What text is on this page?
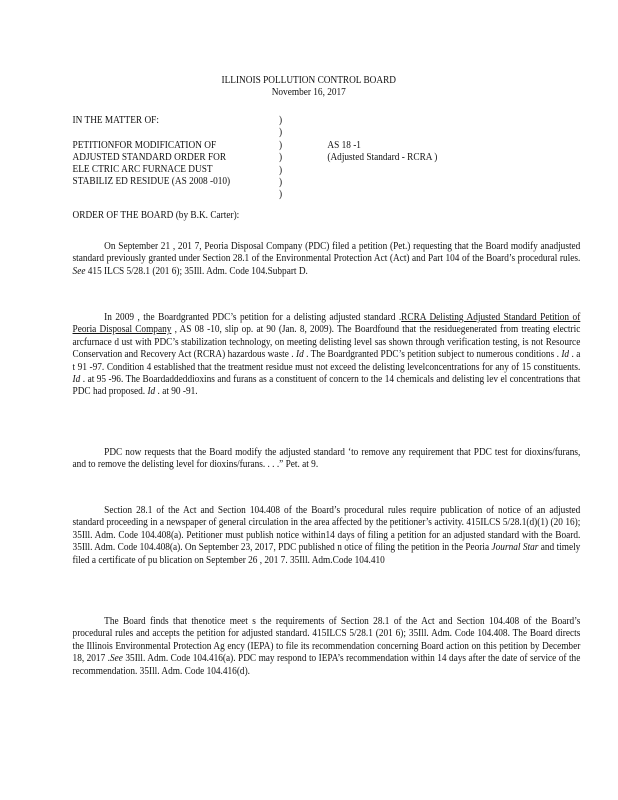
ILLINOIS POLLUTION CONTROL BOARD
November 16, 2017
IN THE MATTER OF:
PETITIONFOR MODIFICATION OF
ADJUSTED STANDARD ORDER FOR
ELE CTRIC ARC FURNACE DUST
STABILIZ ED RESIDUE (AS 2008 -010)
)
)
)
)
)
)
)
AS 18 -1
(Adjusted Standard - RCRA )
ORDER OF THE BOARD (by B.K. Carter):

On September 21 , 201 7, Peoria Disposal Company (PDC) filed a petition (Pet.) requesting that the Board modify anadjusted standard previously granted under Section 28.1 of the Environmental Protection Act (Act) and Part 104 of the Board’s procedural rules. See 415 ILCS 5/28.1 (201 6); 35Ill. Adm. Code 104.Subpart D.

In 2009 , the Boardgranted PDC’s petition for a delisting adjusted standard .RCRA Delisting Adjusted Standard Petition of Peoria Disposal Company , AS 08 -10, slip op. at 90 (Jan. 8, 2009). The Boardfound that the residuegenerated from treating electric arcfurnace d ust with PDC’s stabilization technology, on meeting delisting level sas shown through verification testing, is not Resource Conservation and Recovery Act (RCRA) hazardous waste . Id . The Boardgranted PDC’s petition subject to numerous conditions . Id . a t 91 -97. Condition 4 established that the treatment residue must not exceed the delisting levelconcentrations for any of 15 constituents. Id . at 95 -96. The Boardaddeddioxins and furans as a constituent of concern to the 14 chemicals and delisting lev el concentrations that PDC had proposed. Id . at 90 -91.

PDC now requests that the Board modify the adjusted standard ‘to remove any requirement that PDC test for dioxins/furans, and to remove the delisting level for dioxins/furans. . . .” Pet. at 9.

Section 28.1 of the Act and Section 104.408 of the Board’s procedural rules require publication of notice of an adjusted standard proceeding in a newspaper of general circulation in the area affected by the petitioner’s activity. 415ILCS 5/28.1(d)(1) (20 16); 35Ill. Adm. Code 104.408(a). Petitioner must publish notice within14 days of filing a petition for an adjusted standard with the Board. 35Ill. Adm. Code 104.408(a). On September 23, 2017, PDC published n otice of filing the petition in the Peoria Journal Star and timely filed a certificate of pu blication on September 26 , 201 7. 35Ill. Adm.Code 104.410

The Board finds that thenotice meet s the requirements of Section 28.1 of the Act and Section 104.408 of the Board’s procedural rules and accepts the petition for adjusted standard. 415ILCS 5/28.1 (201 6); 35Ill. Adm. Code 104.408. The Board directs the Illinois Environmental Protection Ag ency (IEPA) to file its recommendation concerning Board action on this petition by December 18, 2017 .See 35Ill. Adm. Code 104.416(a). PDC may respond to IEPA’s recommendation within 14 days after the date of service of the recommendation. 35Ill. Adm. Code 104.416(d).
